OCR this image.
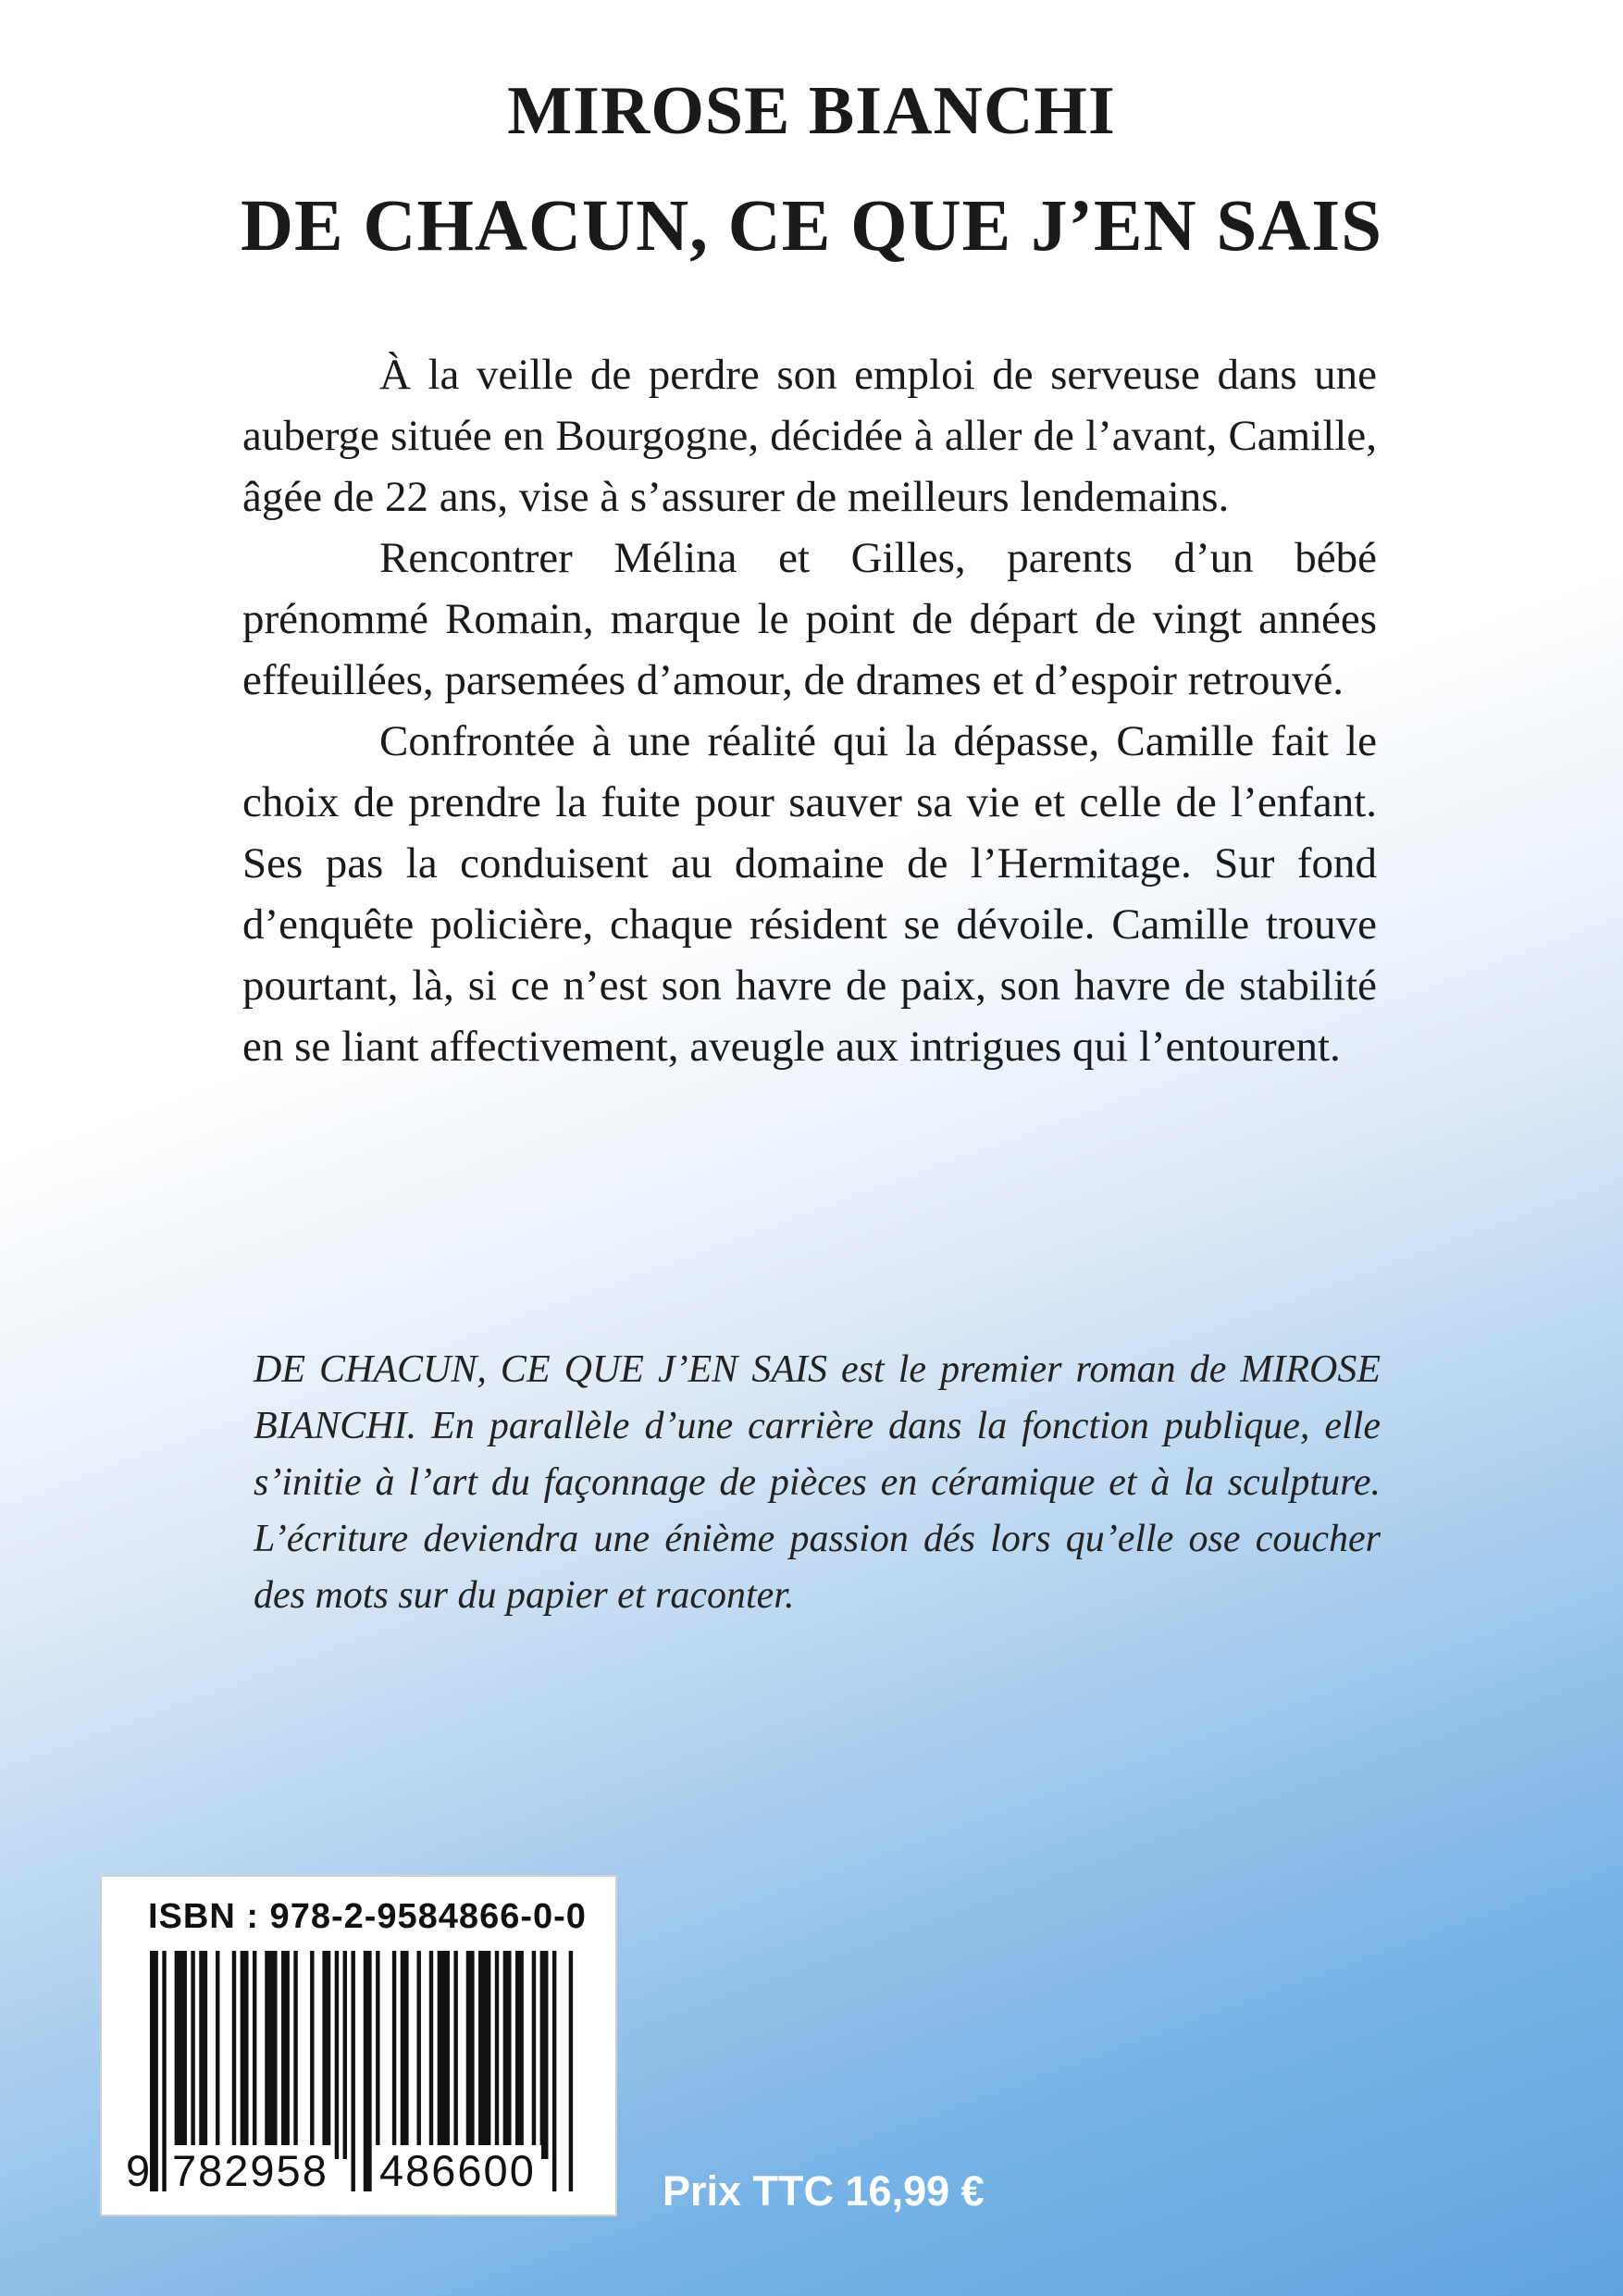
MIROSE BIANCHI
DE CHACUN, CE QUE J’EN SAIS

À la veille de perdre son emploi de serveuse dans une auberge située en Bourgogne, décidée à aller de l’avant, Camille, âgée de 22 ans, vise à s’assurer de meilleurs lendemains.

Rencontrer Mélina et Gilles, parents d’un bébé prénommé Romain, marque le point de départ de vingt années effeuillées, parsemées d’amour, de drames et d’espoir retrouvé.

Confrontée à une réalité qui la dépasse, Camille fait le choix de prendre la fuite pour sauver sa vie et celle de l’enfant. Ses pas la conduisent au domaine de l’Hermitage. Sur fond d’enquête policière, chaque résident se dévoile. Camille trouve pourtant, là, si ce n’est son havre de paix, son havre de stabilité en se liant affectivement, aveugle aux intrigues qui l’entourent.

DE CHACUN, CE QUE J’EN SAIS est le premier roman de MIROSE BIANCHI. En parallèle d’une carrière dans la fonction publique, elle s’initie à l’art du façonnage de pièces en céramique et à la sculpture. L’écriture deviendra une énième passion dés lors qu’elle ose coucher des mots sur du papier et raconter.

ISBN : 978-2-9584866-0-0
9 782958 486600	Prix TTC 16,99 €
